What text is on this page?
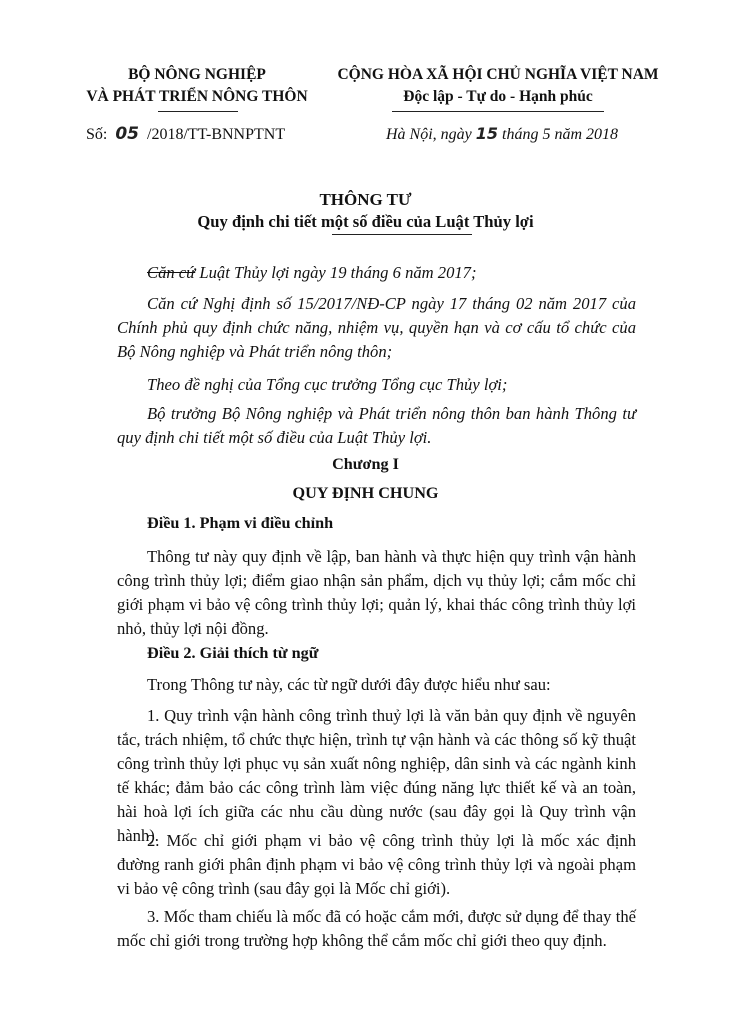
BỘ NÔNG NGHIỆP
VÀ PHÁT TRIỂN NÔNG THÔN
CỘNG HÒA XÃ HỘI CHỦ NGHĨA VIỆT NAM
Độc lập - Tự do - Hạnh phúc
Số: 05 /2018/TT-BNNPTNT	Hà Nội, ngày 15 tháng 5 năm 2018
THÔNG TƯ
Quy định chi tiết một số điều của Luật Thủy lợi
Căn cứ Luật Thủy lợi ngày 19 tháng 6 năm 2017;
Căn cứ Nghị định số 15/2017/NĐ-CP ngày 17 tháng 02 năm 2017 của Chính phủ quy định chức năng, nhiệm vụ, quyền hạn và cơ cấu tổ chức của Bộ Nông nghiệp và Phát triển nông thôn;
Theo đề nghị của Tổng cục trưởng Tổng cục Thủy lợi;
Bộ trưởng Bộ Nông nghiệp và Phát triển nông thôn ban hành Thông tư quy định chi tiết một số điều của Luật Thủy lợi.
Chương I
QUY ĐỊNH CHUNG
Điều 1. Phạm vi điều chỉnh
Thông tư này quy định về lập, ban hành và thực hiện quy trình vận hành công trình thủy lợi; điểm giao nhận sản phẩm, dịch vụ thủy lợi; cắm mốc chỉ giới phạm vi bảo vệ công trình thủy lợi; quản lý, khai thác công trình thủy lợi nhỏ, thủy lợi nội đồng.
Điều 2. Giải thích từ ngữ
Trong Thông tư này, các từ ngữ dưới đây được hiểu như sau:
1. Quy trình vận hành công trình thuỷ lợi là văn bản quy định về nguyên tắc, trách nhiệm, tổ chức thực hiện, trình tự vận hành và các thông số kỹ thuật công trình thủy lợi phục vụ sản xuất nông nghiệp, dân sinh và các ngành kinh tế khác; đảm bảo các công trình làm việc đúng năng lực thiết kế và an toàn, hài hoà lợi ích giữa các nhu cầu dùng nước (sau đây gọi là Quy trình vận hành).
2. Mốc chỉ giới phạm vi bảo vệ công trình thủy lợi là mốc xác định đường ranh giới phân định phạm vi bảo vệ công trình thủy lợi và ngoài phạm vi bảo vệ công trình (sau đây gọi là Mốc chỉ giới).
3. Mốc tham chiếu là mốc đã có hoặc cắm mới, được sử dụng để thay thế mốc chỉ giới trong trường hợp không thể cắm mốc chỉ giới theo quy định.
